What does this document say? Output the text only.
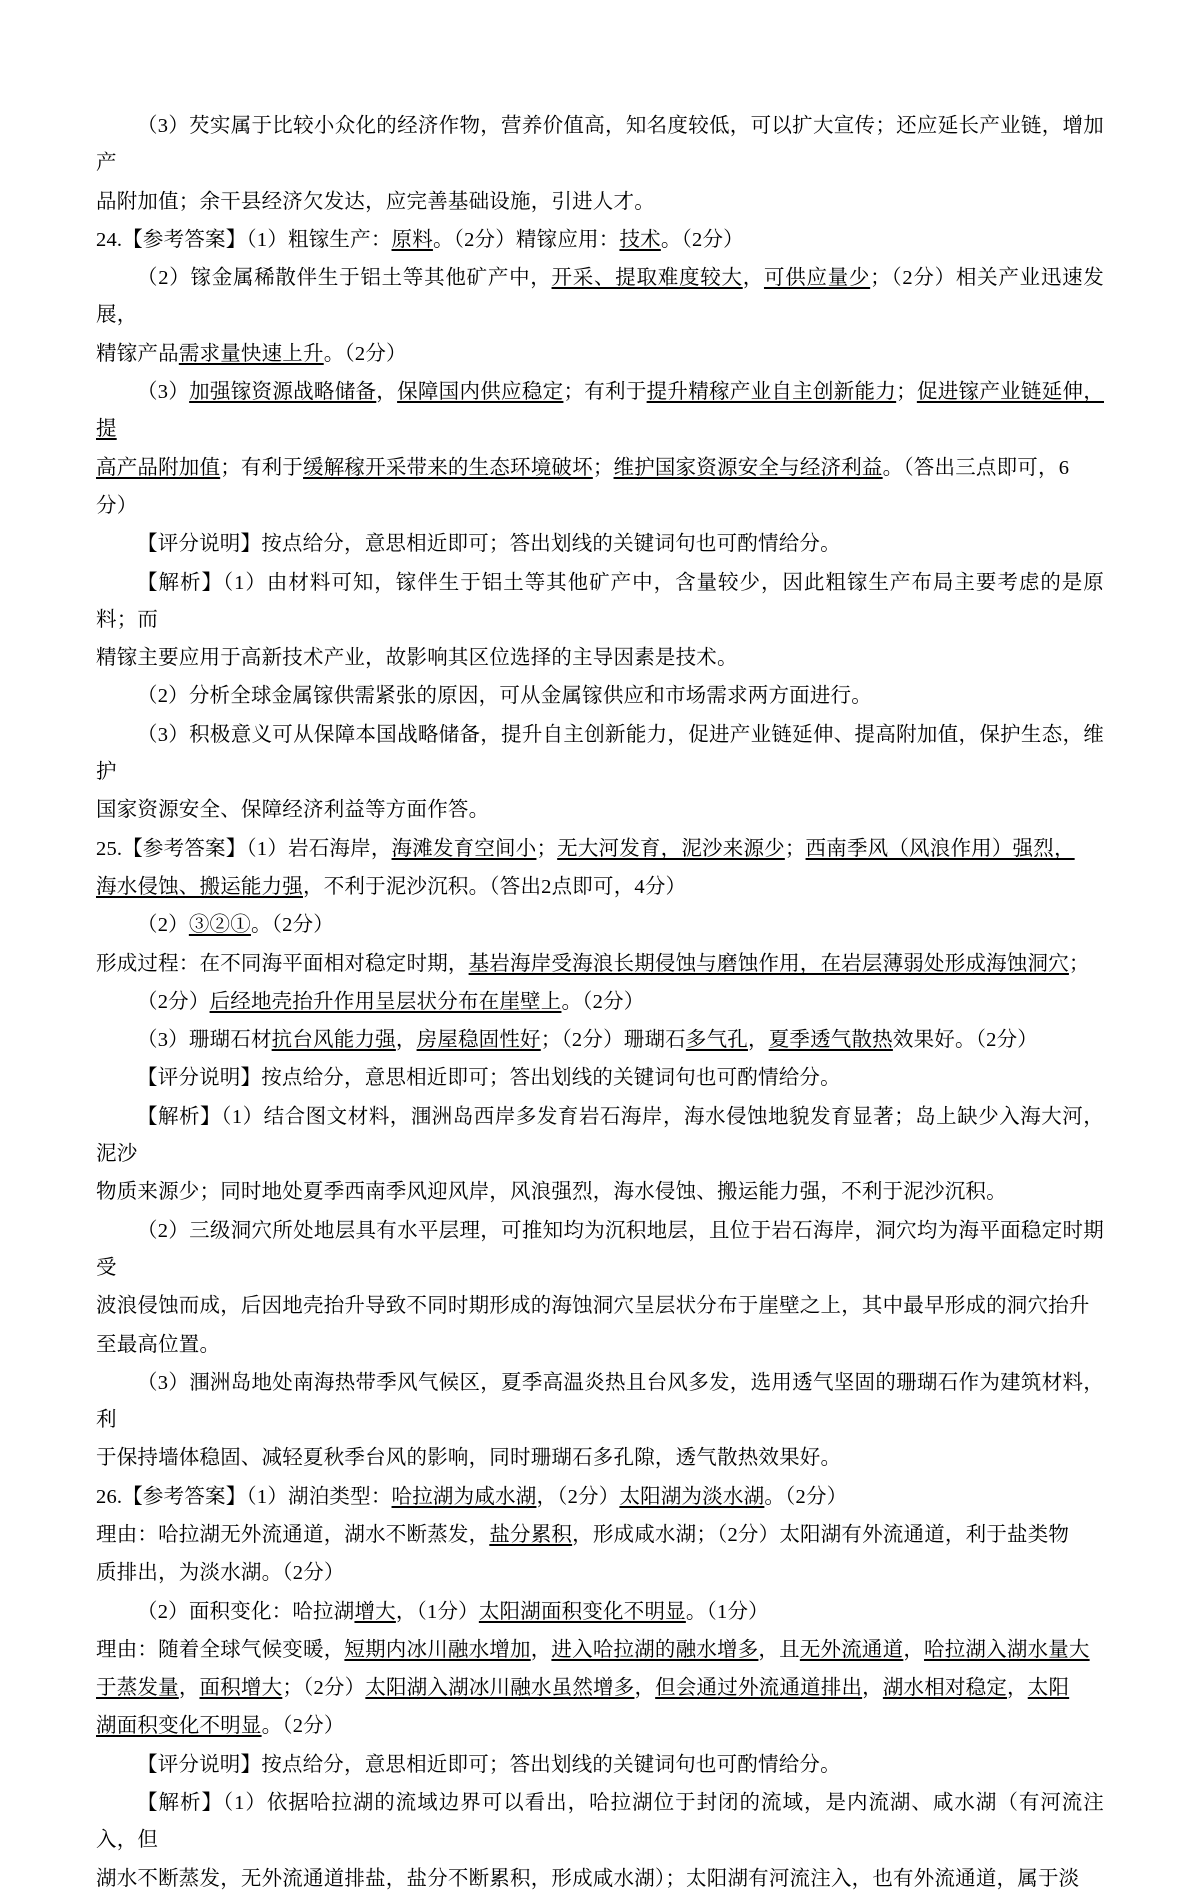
（3）芡实属于比较小众化的经济作物，营养价值高，知名度较低，可以扩大宣传；还应延长产业链，增加产
品附加值；余干县经济欠发达，应完善基础设施，引进人才。
24.【参考答案】（1）粗镓生产：原料。（2分）精镓应用：技术。（2分）
（2）镓金属稀散伴生于铝土等其他矿产中，开采、提取难度较大，可供应量少；（2分）相关产业迅速发展，
精镓产品需求量快速上升。（2分）
（3）加强镓资源战略储备，保障国内供应稳定；有利于提升精稼产业自主创新能力；促进镓产业链延伸，提
高产品附加值；有利于缓解稼开采带来的生态环境破坏；维护国家资源安全与经济利益。（答出三点即可，6
分）
【评分说明】按点给分，意思相近即可；答出划线的关键词句也可酌情给分。
【解析】（1）由材料可知，镓伴生于铝土等其他矿产中，含量较少，因此粗镓生产布局主要考虑的是原料；而
精镓主要应用于高新技术产业，故影响其区位选择的主导因素是技术。
（2）分析全球金属镓供需紧张的原因，可从金属镓供应和市场需求两方面进行。
（3）积极意义可从保障本国战略储备，提升自主创新能力，促进产业链延伸、提高附加值，保护生态，维护
国家资源安全、保障经济利益等方面作答。
25.【参考答案】（1）岩石海岸，海滩发育空间小；无大河发育，泥沙来源少；西南季风（风浪作用）强烈，
海水侵蚀、搬运能力强，不利于泥沙沉积。（答出2点即可，4分）
（2）③②①。（2分）
形成过程：在不同海平面相对稳定时期，基岩海岸受海浪长期侵蚀与磨蚀作用，在岩层薄弱处形成海蚀洞穴；
（2分）后经地壳抬升作用呈层状分布在崖壁上。（2分）
（3）珊瑚石材抗台风能力强，房屋稳固性好；（2分）珊瑚石多气孔，夏季透气散热效果好。（2分）
【评分说明】按点给分，意思相近即可；答出划线的关键词句也可酌情给分。
【解析】（1）结合图文材料，涠洲岛西岸多发育岩石海岸，海水侵蚀地貌发育显著；岛上缺少入海大河，泥沙
物质来源少；同时地处夏季西南季风迎风岸，风浪强烈，海水侵蚀、搬运能力强，不利于泥沙沉积。
（2）三级洞穴所处地层具有水平层理，可推知均为沉积地层，且位于岩石海岸，洞穴均为海平面稳定时期受
波浪侵蚀而成，后因地壳抬升导致不同时期形成的海蚀洞穴呈层状分布于崖壁之上，其中最早形成的洞穴抬升
至最高位置。
（3）涠洲岛地处南海热带季风气候区，夏季高温炎热且台风多发，选用透气坚固的珊瑚石作为建筑材料，利
于保持墙体稳固、减轻夏秋季台风的影响，同时珊瑚石多孔隙，透气散热效果好。
26.【参考答案】（1）湖泊类型：哈拉湖为咸水湖，（2分）太阳湖为淡水湖。（2分）
理由：哈拉湖无外流通道，湖水不断蒸发，盐分累积，形成咸水湖；（2分）太阳湖有外流通道，利于盐类物
质排出，为淡水湖。（2分）
（2）面积变化：哈拉湖增大，（1分）太阳湖面积变化不明显。（1分）
理由：随着全球气候变暖，短期内冰川融水增加，进入哈拉湖的融水增多，且无外流通道，哈拉湖入湖水量大
于蒸发量，面积增大；（2分）太阳湖入湖冰川融水虽然增多，但会通过外流通道排出，湖水相对稳定，太阳
湖面积变化不明显。（2分）
【评分说明】按点给分，意思相近即可；答出划线的关键词句也可酌情给分。
【解析】（1）依据哈拉湖的流域边界可以看出，哈拉湖位于封闭的流域，是内流湖、咸水湖（有河流注入，但
湖水不断蒸发，无外流通道排盐，盐分不断累积，形成咸水湖）；太阳湖有河流注入，也有外流通道，属于淡
